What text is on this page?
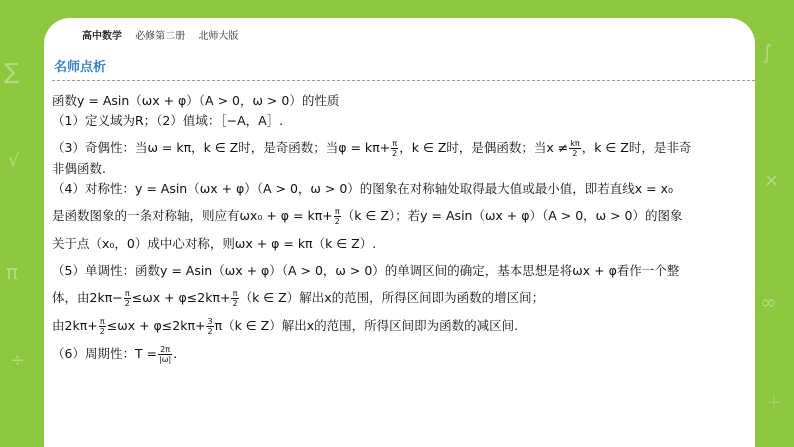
∑
√
π
÷
∫
×
∞
＋
高中数学 必修第二册 北师大版
名师点析

函数y = Asin（ωx + φ）（A > 0，ω > 0）的性质

（1）定义域为R；（2）值域：［−A，A］.

（3）奇偶性：当ω = kπ，k ∈ Z时，是奇函数；当$\varphi = k\pi+ \frac{\pi}{2}$ ，k ∈ Z时，是偶函数；当$x \ne \frac{k\pi}{2}$ ，k ∈ Z时，是非奇

非偶函数.

（4）对称性：y = Asin（ωx + φ）（A > 0，ω > 0）的图象在对称轴处取得最大值或最小值，即若直线x = x₀

是函数图象的一条对称轴，则应有$\omega x_0 + \varphi = k\pi+ \frac{\pi}{2} (k$ ∈ Z）；若y = Asin（ωx + φ）（A > 0，ω > 0）的图象

关于点（x₀，0）成中心对称，则ωx + φ = kπ（k ∈ Z）.

（5）单调性：函数y = Asin（ωx + φ）（A > 0，ω > 0）的单调区间的确定，基本思想是将ωx + φ看作一个整

体，由$2k\pi- \frac{\pi}{2} \le\omega x + \varphi\le 2k\pi+ \frac{\pi}{2} (k$ ∈ Z）解出x的范围，所得区间即为函数的增区间；

由$2k\pi+ \frac{\pi}{2} \le\omega x + \varphi\le 2k\pi+ \frac{3}{2} \pi(k$ ∈ Z）解出x的范围，所得区间即为函数的减区间.

（6）周期性：$T = \frac{2\pi}{|\omega|}$ .
